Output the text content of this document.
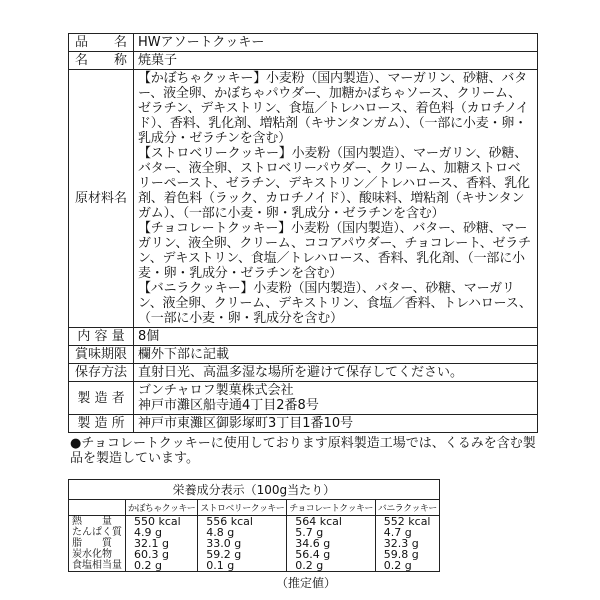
品　　名	HWアソートクッキー

名　　称	焼菓子

原材料名	【かぼちゃクッキー】小麦粉（国内製造）、マーガリン、砂糖、バター、液全卵、かぼちゃパウダー、加糖かぼちゃソース、クリーム、ゼラチン、デキストリン、食塩／トレハロース、着色料（カロチノイド）、香料、乳化剤、増粘剤（キサンタンガム）、（一部に小麦・卵・乳成分・ゼラチンを含む）
【ストロベリークッキー】小麦粉（国内製造）、マーガリン、砂糖、バター、液全卵、ストロベリーパウダー、クリーム、加糖ストロベリーペースト、ゼラチン、デキストリン／トレハロース、香料、乳化剤、着色料（ラック、カロチノイド）、酸味料、増粘剤（キサンタンガム）、（一部に小麦・卵・乳成分・ゼラチンを含む）
【チョコレートクッキー】小麦粉（国内製造）、バター、砂糖、マーガリン、液全卵、クリーム、ココアパウダー、チョコレート、ゼラチン、デキストリン、食塩／トレハロース、香料、乳化剤、（一部に小麦・卵・乳成分・ゼラチンを含む）
【バニラクッキー】小麦粉（国内製造）、バター、砂糖、マーガリン、液全卵、クリーム、デキストリン、食塩／香料、トレハロース、（一部に小麦・卵・乳成分を含む）

内 容 量	8個

賞味期限	欄外下部に記載

保存方法	直射日光、高温多湿な場所を避けて保存してください。

製 造 者	ゴンチャロフ製菓株式会社
神戸市灘区船寺通4丁目2番8号

製 造 所	神戸市東灘区御影塚町3丁目1番10号
●チョコレートクッキーに使用しております原料製造工場では、くるみを含む製品を製造しています。
栄養成分表示（100g当たり）				
	かぼちゃクッキー	ストロベリークッキー	チョコレートクッキー	バニラクッキー
熱　　量	550 kcal	556 kcal	564 kcal	552 kcal
たんぱく質	4.9 g	4.8 g	5.7 g	4.7 g
脂　　質	32.1 g	33.0 g	34.6 g	32.3 g
炭水化物	60.3 g	59.2 g	56.4 g	59.8 g
食塩相当量	0.2 g	0.1 g	0.2 g	0.2 g
（推定値）
